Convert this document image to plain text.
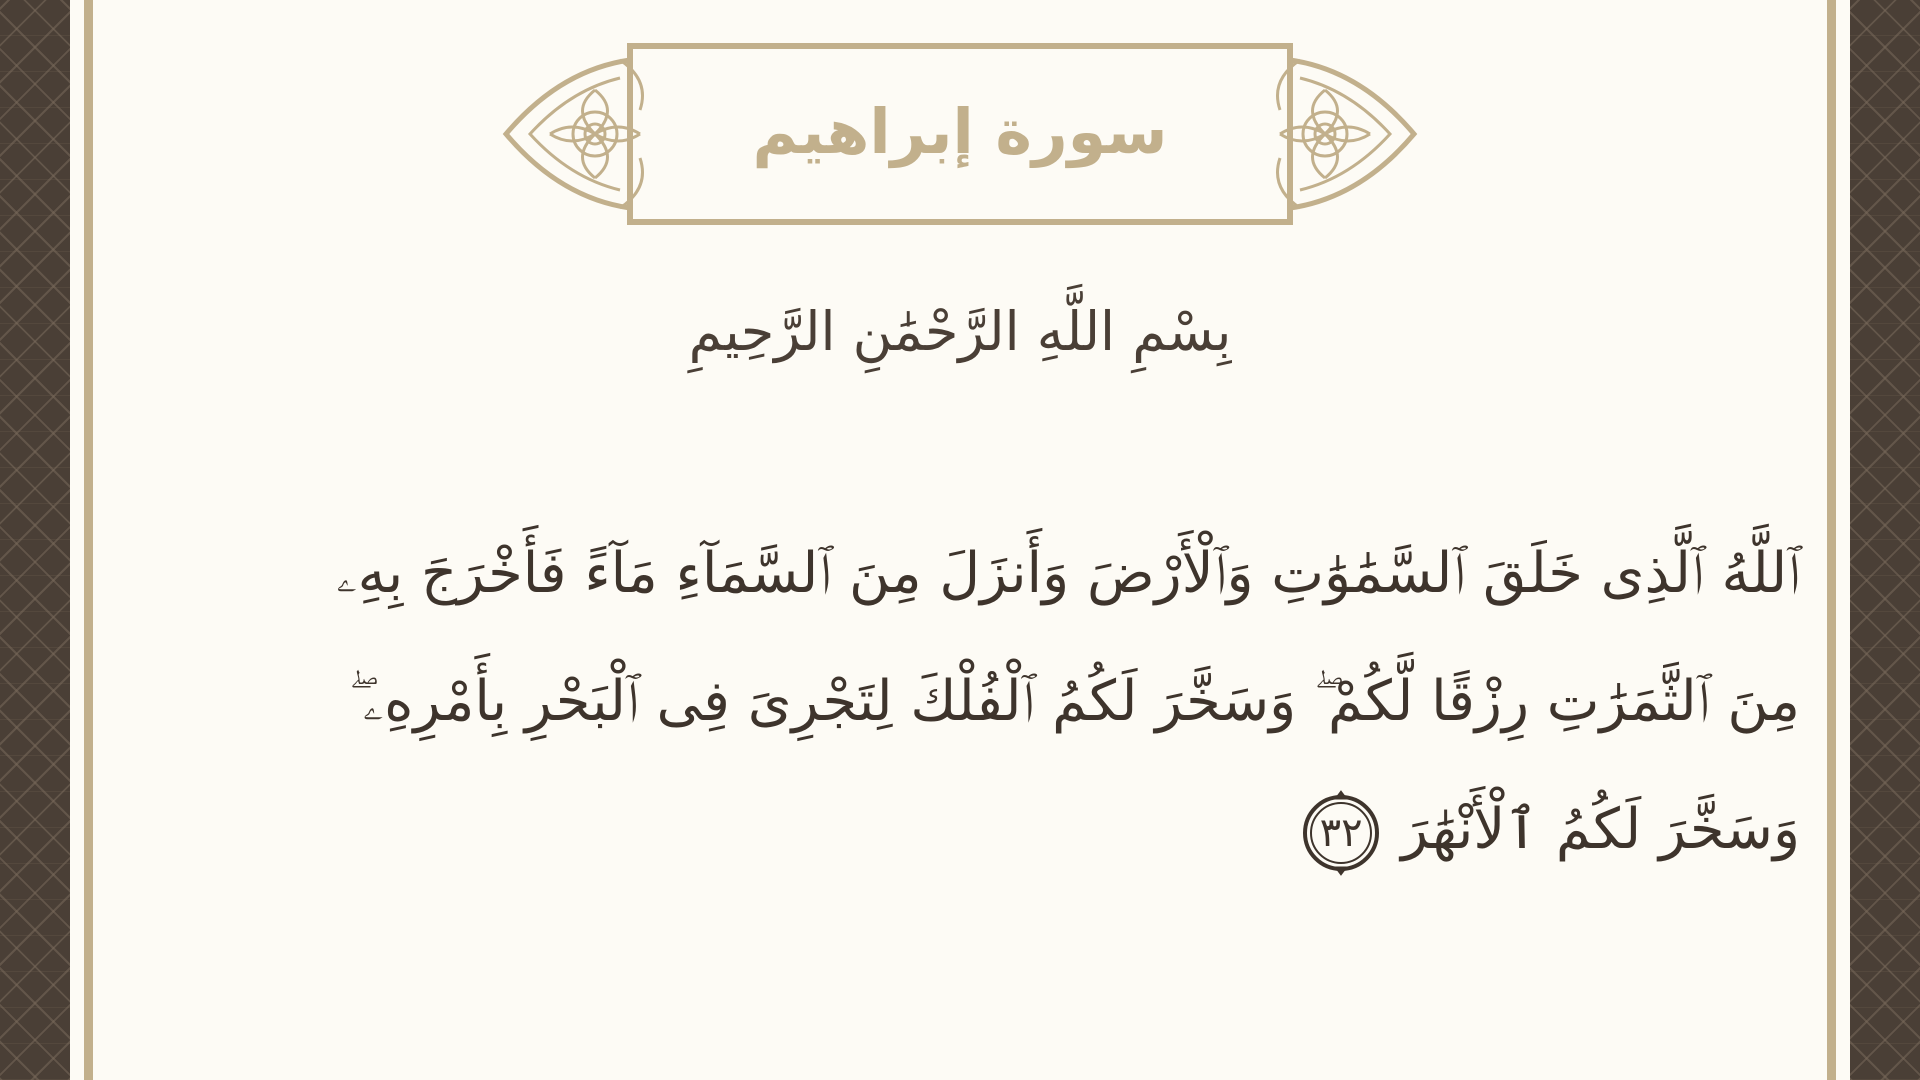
سورة إبراهيم
بِسْمِ اللَّهِ الرَّحْمَٰنِ الرَّحِيمِ
ٱللَّهُ ٱلَّذِى خَلَقَ ٱلسَّمَٰوَٰتِ وَٱلْأَرْضَ وَأَنزَلَ مِنَ ٱلسَّمَآءِ مَآءً فَأَخْرَجَ بِهِۦ
مِنَ ٱلثَّمَرَٰتِ رِزْقًا لَّكُمْ ۖ وَسَخَّرَ لَكُمُ ٱلْفُلْكَ لِتَجْرِىَ فِى ٱلْبَحْرِ بِأَمْرِهِۦ ۖ
وَسَخَّرَ لَكُمُ ٱلْأَنْهَٰرَ
٣٢
